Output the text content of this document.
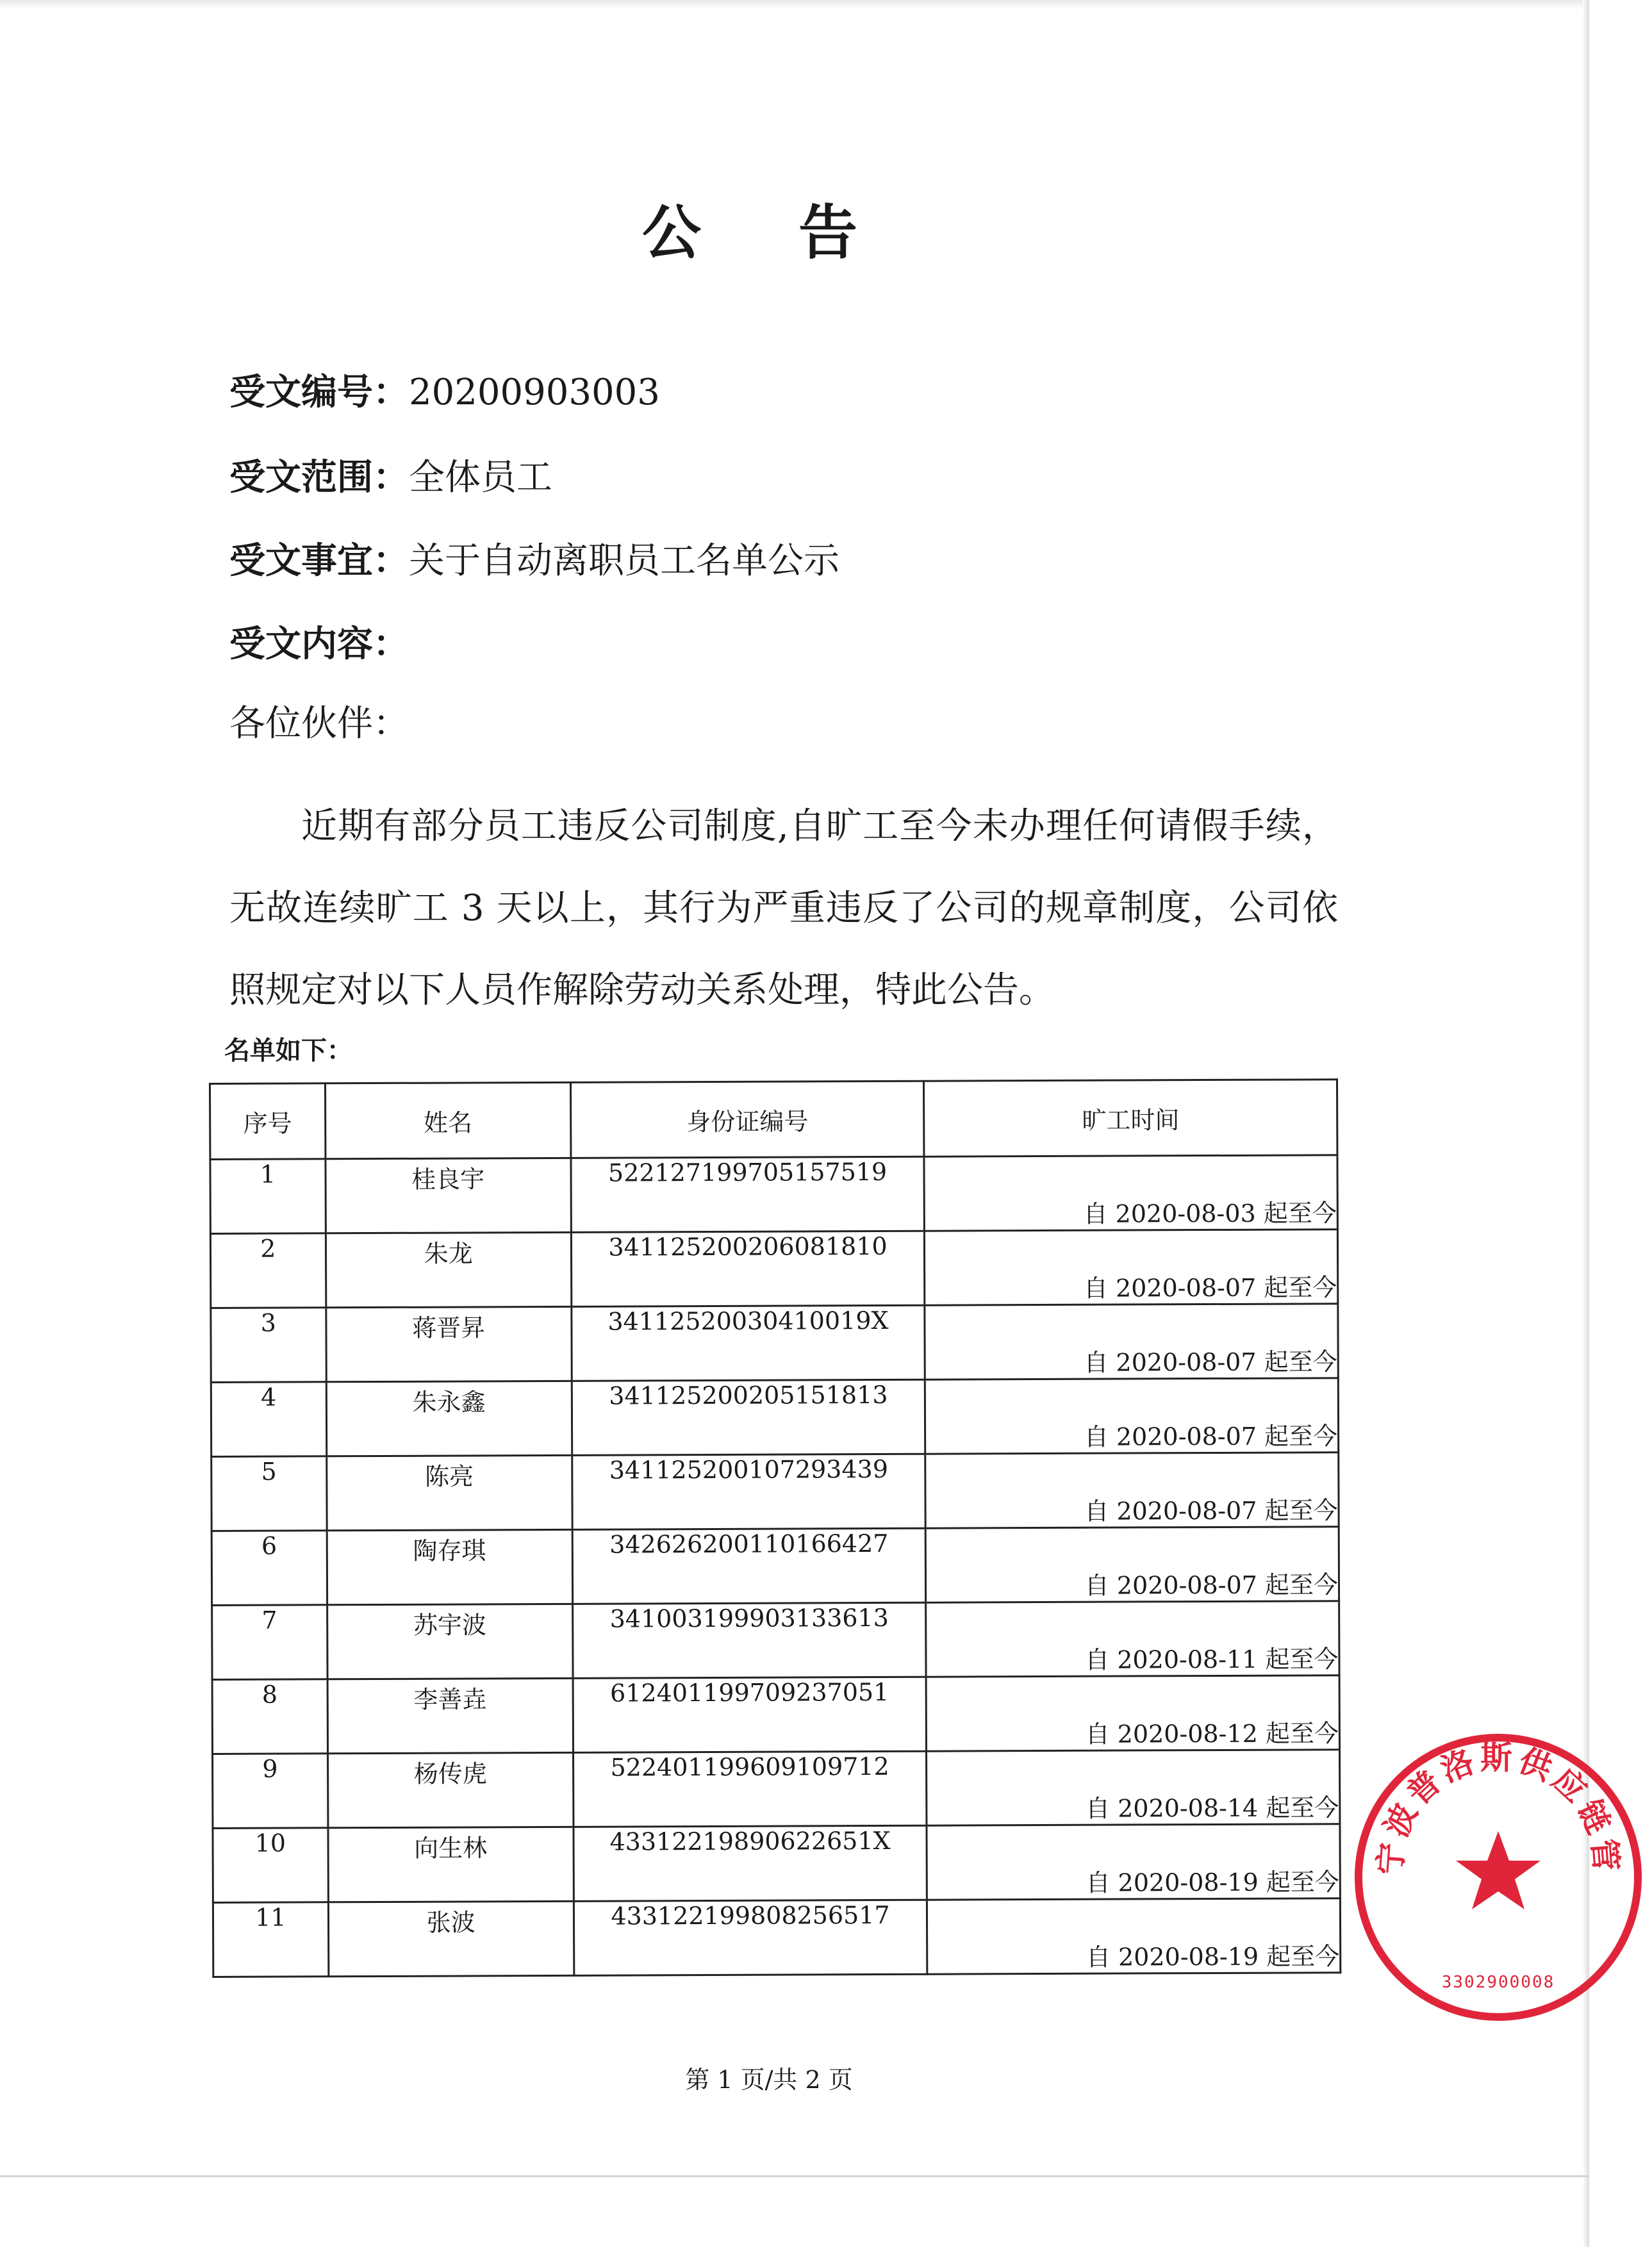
公 告
受文编号：20200903003
受文范围：全体员工
受文事宜：关于自动离职员工名单公示
受文内容：
各位伙伴：
近期有部分员工违反公司制度,自旷工至今未办理任何请假手续，无故连续旷工 3 天以上，其行为严重违反了公司的规章制度，公司依照规定对以下人员作解除劳动关系处理，特此公告。
名单如下：
序号	姓名	身份证编号	旷工时间
1	桂良宇	522127199705157519	自 2020-08-03 起至今
2	朱龙	341125200206081810	自 2020-08-07 起至今
3	蒋晋昇	34112520030410019X	自 2020-08-07 起至今
4	朱永鑫	341125200205151813	自 2020-08-07 起至今
5	陈亮	341125200107293439	自 2020-08-07 起至今
6	陶存琪	342626200110166427	自 2020-08-07 起至今
7	苏宇波	341003199903133613	自 2020-08-11 起至今
8	李善垚	612401199709237051	自 2020-08-12 起至今
9	杨传虎	522401199609109712	自 2020-08-14 起至今
10	向生林	43312219890622651X	自 2020-08-19 起至今
11	张波	433122199808256517	自 2020-08-19 起至今
第 1 页/共 2 页
宁波普洛斯供应链管
3302900008
